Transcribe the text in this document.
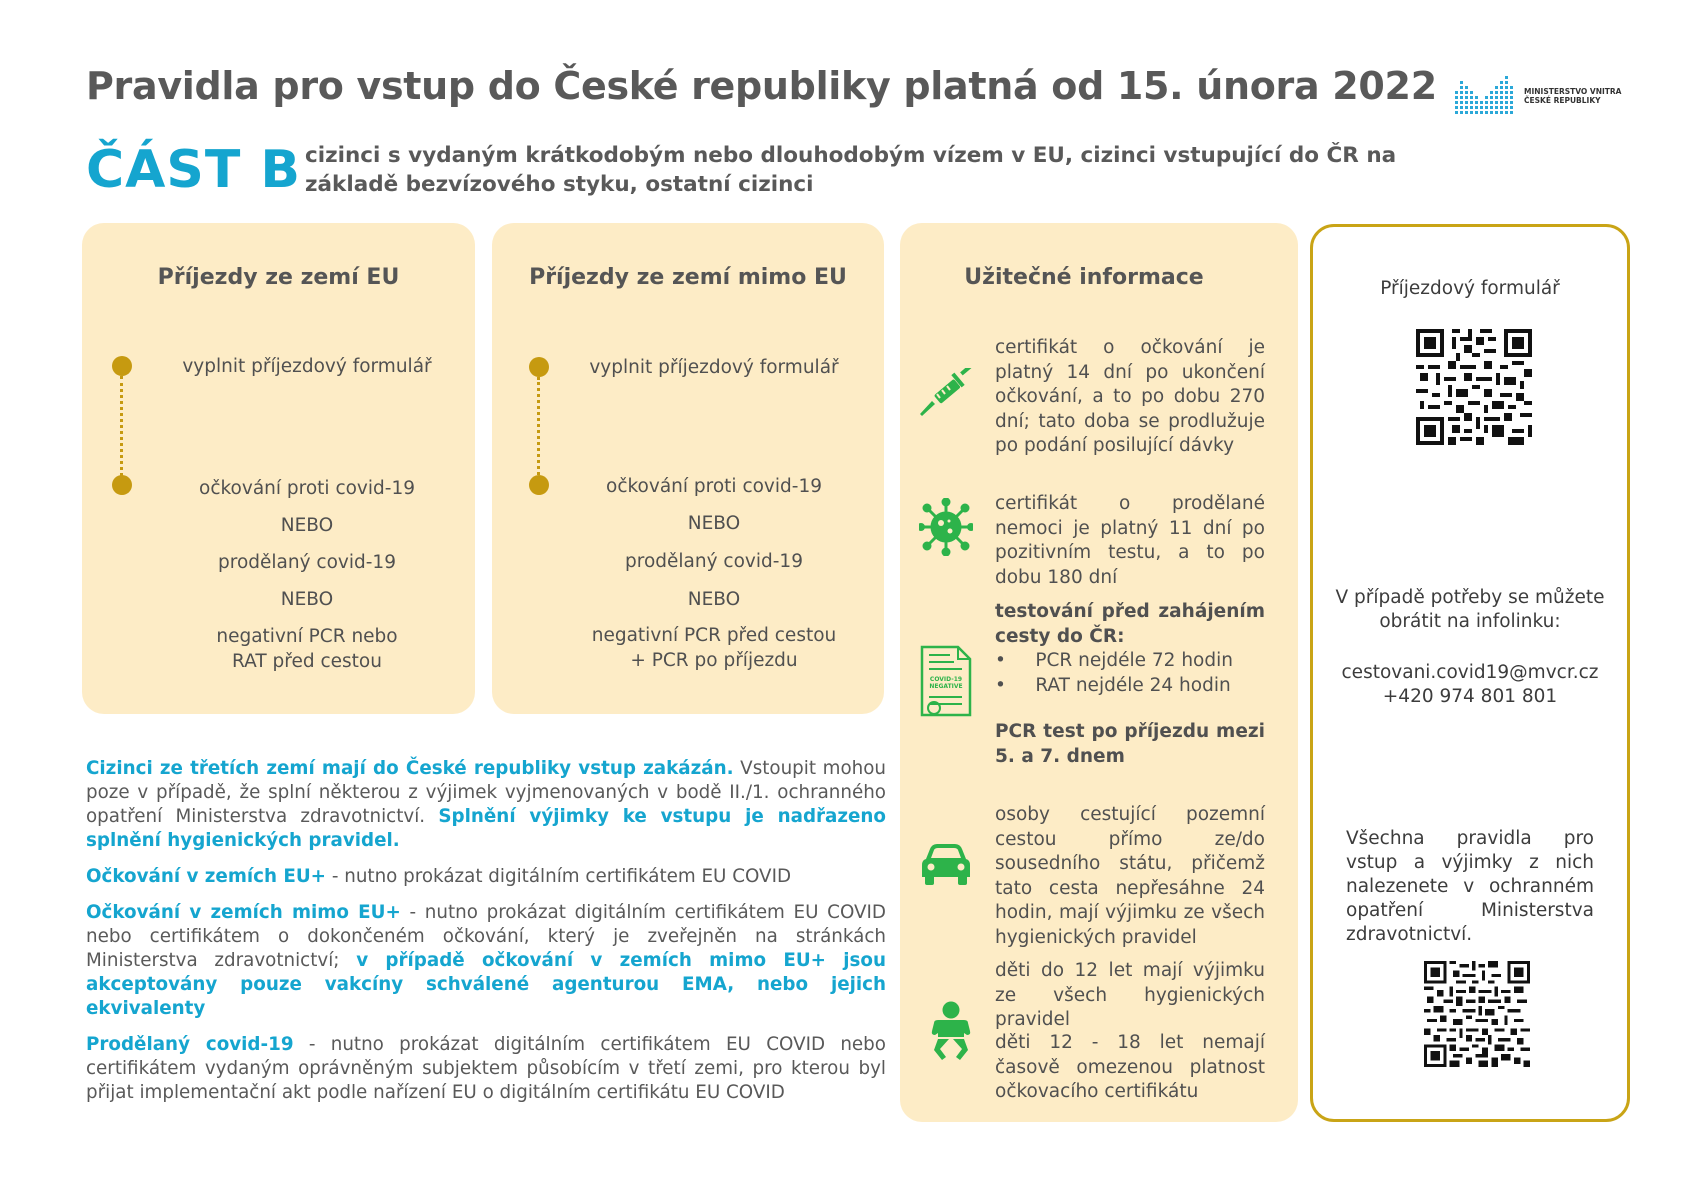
Pravidla pro vstup do České republiky platná od 15. února 2022	MINISTERSTVO VNITRA
ČESKÉ REPUBLIKY
ČÁST B cizinci s vydaným krátkodobým nebo dlouhodobým vízem v EU, cizinci vstupující do ČR na základě bezvízového styku, ostatní cizinci
Příjezdy ze zemí EU
vyplnit příjezdový formulář
očkování proti covid-19
NEBO
prodělaný covid-19
NEBO
negativní PCR nebo
RAT před cestou
Příjezdy ze zemí mimo EU
vyplnit příjezdový formulář
očkování proti covid-19
NEBO
prodělaný covid-19
NEBO
negativní PCR před cestou
+ PCR po příjezdu
Užitečné informace
COVID-19
NEGATIVE
certifikát o očkování je platný 14 dní po ukončení očkování, a to po dobu 270 dní; tato doba se prodlužuje po podání posilující dávky
certifikát o prodělané nemoci je platný 11 dní po pozitivním testu, a to po dobu 180 dní
testování před zahájením cesty do ČR:
•     PCR nejdéle 72 hodin
•     RAT nejdéle 24 hodin
PCR test po příjezdu mezi 5. a 7. dnem
osoby cestující pozemní cestou přímo ze/do sousedního státu, přičemž tato cesta nepřesáhne 24 hodin, mají výjimku ze všech hygienických pravidel
děti do 12 let mají výjimku ze všech hygienických pravidel
děti 12 - 18 let nemají časově omezenou platnost očkovacího certifikátu

Cizinci ze třetích zemí mají do České republiky vstup zakázán. Vstoupit mohou poze v případě, že splní některou z výjimek vyjmenovaných v bodě II./1. ochranného opatření Ministerstva zdravotnictví. Splnění výjimky ke vstupu je nadřazeno splnění hygienických pravidel.

Očkování v zemích EU+ - nutno prokázat digitálním certifikátem EU COVID

Očkování v zemích mimo EU+ - nutno prokázat digitálním certifikátem EU COVID nebo certifikátem o dokončeném očkování, který je zveřejněn na stránkách Ministerstva zdravotnictví; v případě očkování v zemích mimo EU+ jsou akceptovány pouze vakcíny schválené agenturou EMA, nebo jejich ekvivalenty

Prodělaný covid-19 - nutno prokázat digitálním certifikátem EU COVID nebo certifikátem vydaným oprávněným subjektem působícím v třetí zemi, pro kterou byl přijat implementační akt podle nařízení EU o digitálním certifikátu EU COVID

Příjezdový formulář
V případě potřeby se můžete
obrátit na infolinku:
cestovani.covid19@mvcr.cz
+420 974 801 801
Všechna pravidla pro vstup a výjimky z nich nalezenete v ochranném opatření Ministerstva zdravotnictví.
